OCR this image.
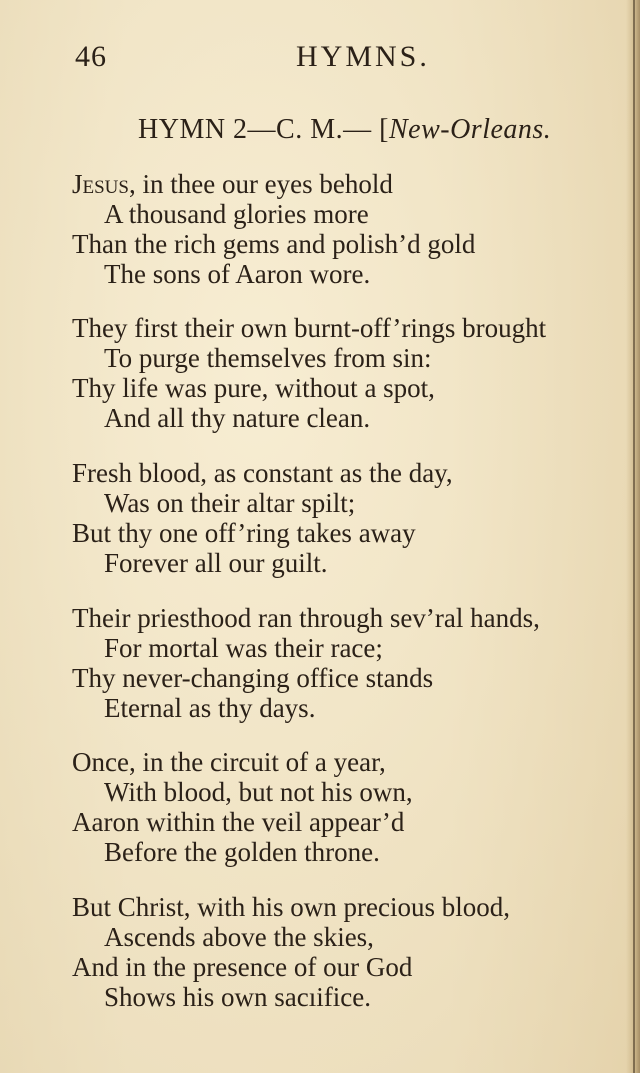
46	HYMNS.
HYMN 2—C. M.— [New-Orleans.
Jesus, in thee our eyes behold
A thousand glories more
Than the rich gems and polish’d gold
The sons of Aaron wore.
They first their own burnt-off’rings brought
To purge themselves from sin:
Thy life was pure, without a spot,
And all thy nature clean.
Fresh blood, as constant as the day,
Was on their altar spilt;
But thy one off’ring takes away
Forever all our guilt.
Their priesthood ran through sev’ral hands,
For mortal was their race;
Thy never-changing office stands
Eternal as thy days.
Once, in the circuit of a year,
With blood, but not his own,
Aaron within the veil appear’d
Before the golden throne.
But Christ, with his own precious blood,
Ascends above the skies,
And in the presence of our God
Shows his own sacıifice.
